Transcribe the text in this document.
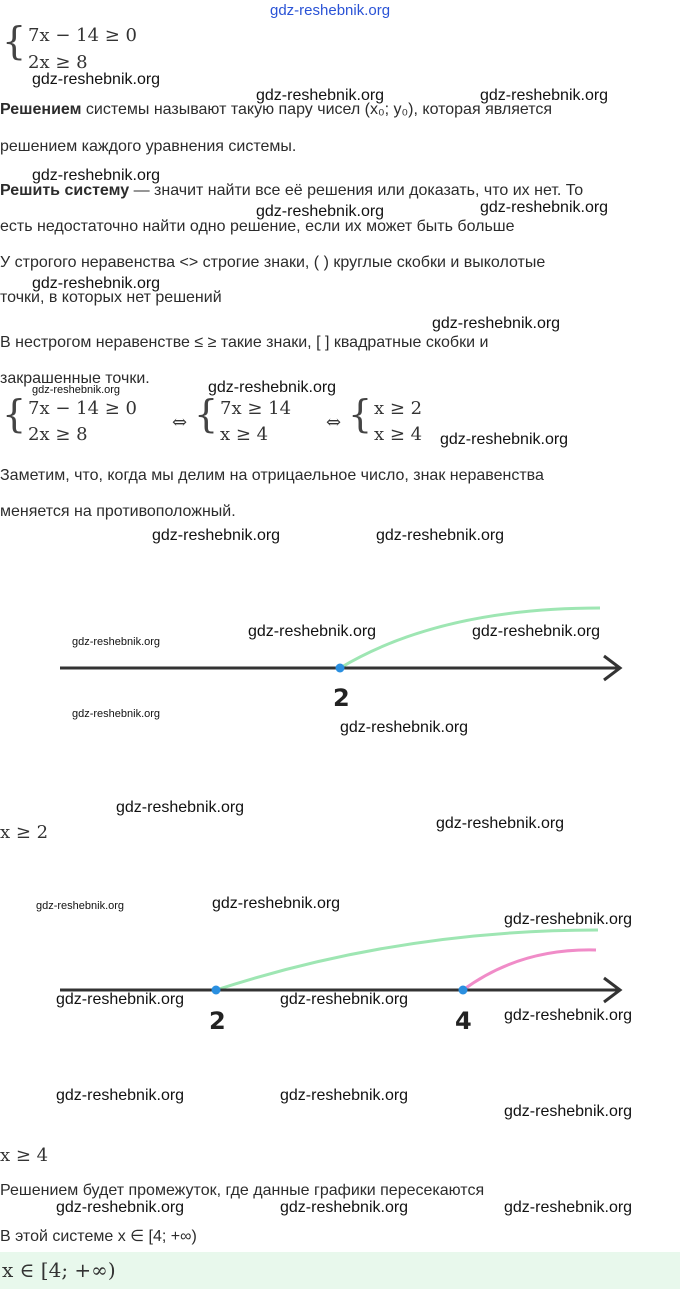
gdz-reshebnik.org
{ 7x − 14 ≥ 0
2x ≥ 8
Решением системы называют такую пару чисел (x₀; y₀), которая является
решением каждого уравнения системы.
Решить систему — значит найти все её решения или доказать, что их нет. То
есть недостаточно найти одно решение, если их может быть больше
У строгого неравенства <> строгие знаки, ( ) круглые скобки и выколотые
точки, в которых нет решений
В нестрогом неравенстве ≤ ≥ такие знаки, [ ] квадратные скобки и
закрашенные точки.
{ 7x − 14 ≥ 0
2x ≥ 8
⇔ { 7x ≥ 14
x ≥ 4
⇔ { x ≥ 2
x ≥ 4
Заметим, что, когда мы делим на отрицаельное число, знак неравенства
меняется на противоположный.
2
x ≥ 2
2	4
x ≥ 4
Решением будет промежуток, где данные графики пересекаются
В этой системе x ∈ [4; +∞)
x ∈ [4; +∞)
gdz-reshebnik.org
gdz-reshebnik.org	gdz-reshebnik.org
gdz-reshebnik.org
gdz-reshebnik.org	gdz-reshebnik.org
gdz-reshebnik.org
gdz-reshebnik.org
gdz-reshebnik.org
gdz-reshebnik.org
gdz-reshebnik.org
gdz-reshebnik.org	gdz-reshebnik.org
gdz-reshebnik.org
gdz-reshebnik.org	gdz-reshebnik.org
gdz-reshebnik.org
gdz-reshebnik.org
gdz-reshebnik.org
gdz-reshebnik.org
gdz-reshebnik.org	gdz-reshebnik.org
gdz-reshebnik.org
gdz-reshebnik.org	gdz-reshebnik.org
gdz-reshebnik.org
gdz-reshebnik.org	gdz-reshebnik.org
gdz-reshebnik.org
gdz-reshebnik.org	gdz-reshebnik.org	gdz-reshebnik.org
